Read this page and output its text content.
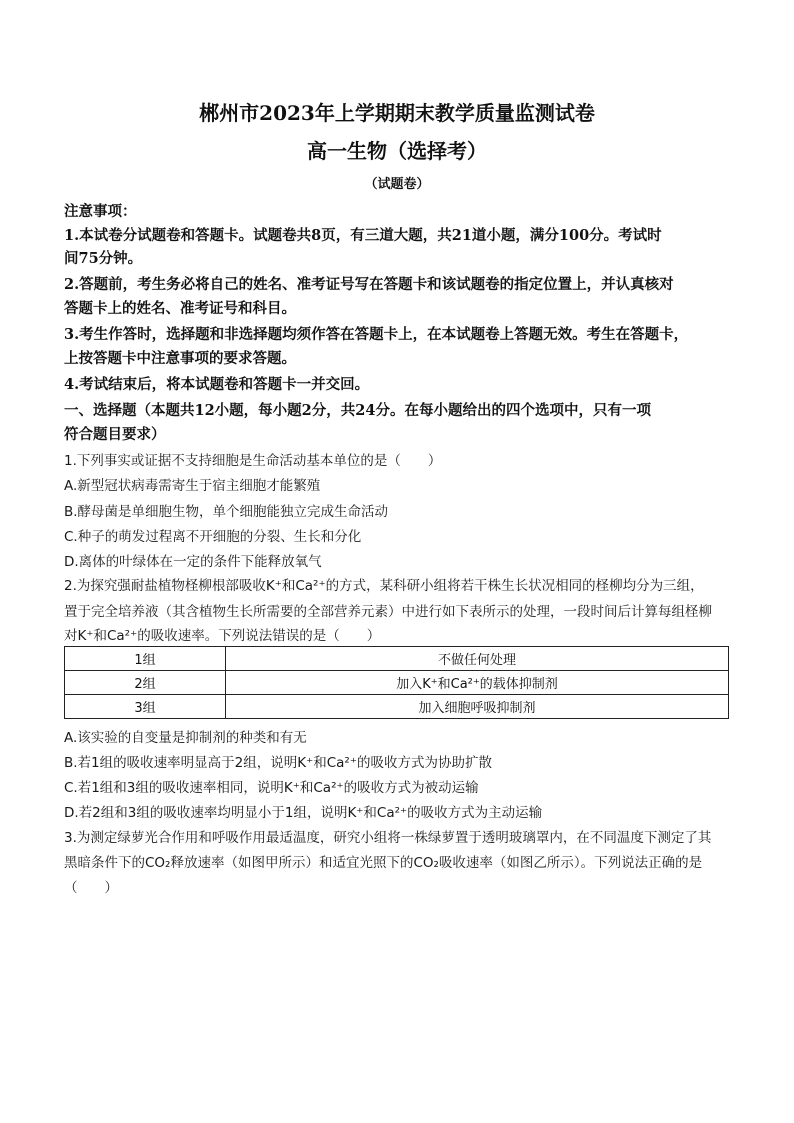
郴州市2023年上学期期末教学质量监测试卷
高一生物（选择考）
（试题卷）
注意事项：
1.本试卷分试题卷和答题卡。试题卷共8页，有三道大题，共21道小题，满分100分。考试时
间75分钟。
2.答题前，考生务必将自己的姓名、准考证号写在答题卡和该试题卷的指定位置上，并认真核对
答题卡上的姓名、准考证号和科目。
3.考生作答时，选择题和非选择题均须作答在答题卡上，在本试题卷上答题无效。考生在答题卡，
上按答题卡中注意事项的要求答题。
4.考试结束后，将本试题卷和答题卡一并交回。
一、选择题（本题共12小题，每小题2分，共24分。在每小题给出的四个选项中，只有一项
符合题目要求）
1.下列事实或证据不支持细胞是生命活动基本单位的是（　　）
A.新型冠状病毒需寄生于宿主细胞才能繁殖
B.酵母菌是单细胞生物，单个细胞能独立完成生命活动
C.种子的萌发过程离不开细胞的分裂、生长和分化
D.离体的叶绿体在一定的条件下能释放氧气
2.为探究强耐盐植物柽柳根部吸收K⁺和Ca²⁺的方式，某科研小组将若干株生长状况相同的柽柳均分为三组，
置于完全培养液（其含植物生长所需要的全部营养元素）中进行如下表所示的处理，一段时间后计算每组柽柳
对K⁺和Ca²⁺的吸收速率。下列说法错误的是（　　）
1组	不做任何处理
2组	加入K⁺和Ca²⁺的载体抑制剂
3组	加入细胞呼吸抑制剂
A.该实验的自变量是抑制剂的种类和有无
B.若1组的吸收速率明显高于2组，说明K⁺和Ca²⁺的吸收方式为协助扩散
C.若1组和3组的吸收速率相同，说明K⁺和Ca²⁺的吸收方式为被动运输
D.若2组和3组的吸收速率均明显小于1组，说明K⁺和Ca²⁺的吸收方式为主动运输
3.为测定绿萝光合作用和呼吸作用最适温度，研究小组将一株绿萝置于透明玻璃罩内，在不同温度下测定了其
黑暗条件下的CO₂释放速率（如图甲所示）和适宜光照下的CO₂吸收速率（如图乙所示）。下列说法正确的是
（　　）
